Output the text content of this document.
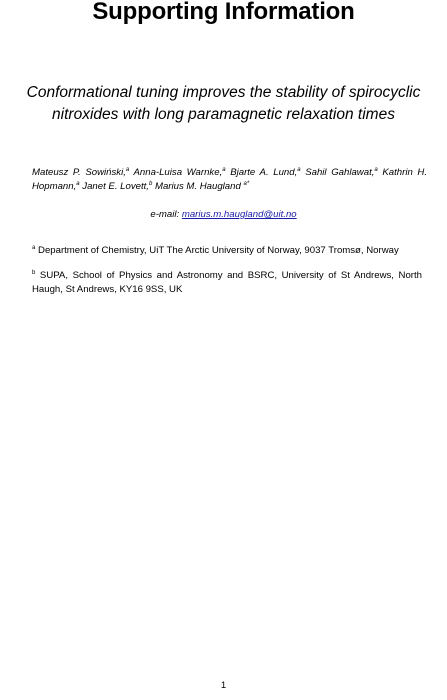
Supporting Information
Conformational tuning improves the stability of spirocyclic nitroxides with long paramagnetic relaxation times
Mateusz P. Sowiński,$^a$ Anna-Luisa Warnke,$^a$ Bjarte A. Lund,$^a$ Sahil Gahlawat,$^a$ Kathrin H. Hopmann,$^a$ Janet E. Lovett,$^b$ Marius M. Haugland $^{a*}$
e-mail: marius.m.haugland@uit.no
$^a$ Department of Chemistry, UiT The Arctic University of Norway, 9037 Tromsø, Norway
$^b$ SUPA, School of Physics and Astronomy and BSRC, University of St Andrews, North Haugh, St Andrews, KY16 9SS, UK
1
